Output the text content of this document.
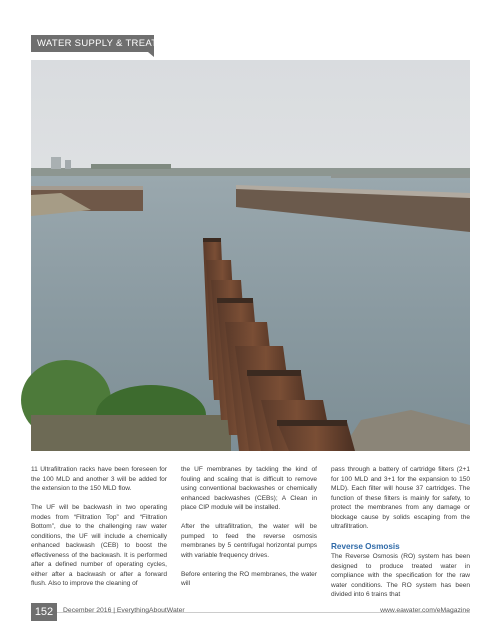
WATER SUPPLY & TREATMENT

11 Ultrafiltration racks have been foreseen for the 100 MLD and another 3 will be added for the extension to the 150 MLD flow.

The UF will be backwash in two operating modes from “Filtration Top” and “Filtration Bottom”, due to the challenging raw water conditions, the UF will include a chemically enhanced backwash (CEB) to boost the effectiveness of the backwash. It is performed after a defined number of operating cycles, either after a backwash or after a forward flush. Also to improve the cleaning of

the UF membranes by tackling the kind of fouling and scaling that is difficult to remove using conventional backwashes or chemically enhanced backwashes (CEBs); A Clean in place CIP module will be installed.

After the ultrafiltration, the water will be pumped to feed the reverse osmosis membranes by 5 centrifugal horizontal pumps with variable frequency drives.

Before entering the RO membranes, the water will

pass through a battery of cartridge filters (2+1 for 100 MLD and 3+1 for the expansion to 150 MLD). Each filter will house 37 cartridges. The function of these filters is mainly for safety, to protect the membranes from any damage or blockage cause by solids escaping from the ultrafiltration.

Reverse Osmosis

The Reverse Osmosis (RO) system has been designed to produce treated water in compliance with the specification for the raw water conditions. The RO system has been divided into 6 trains that

152	December 2016 | EverythingAboutWater	www.eawater.com/eMagazine
